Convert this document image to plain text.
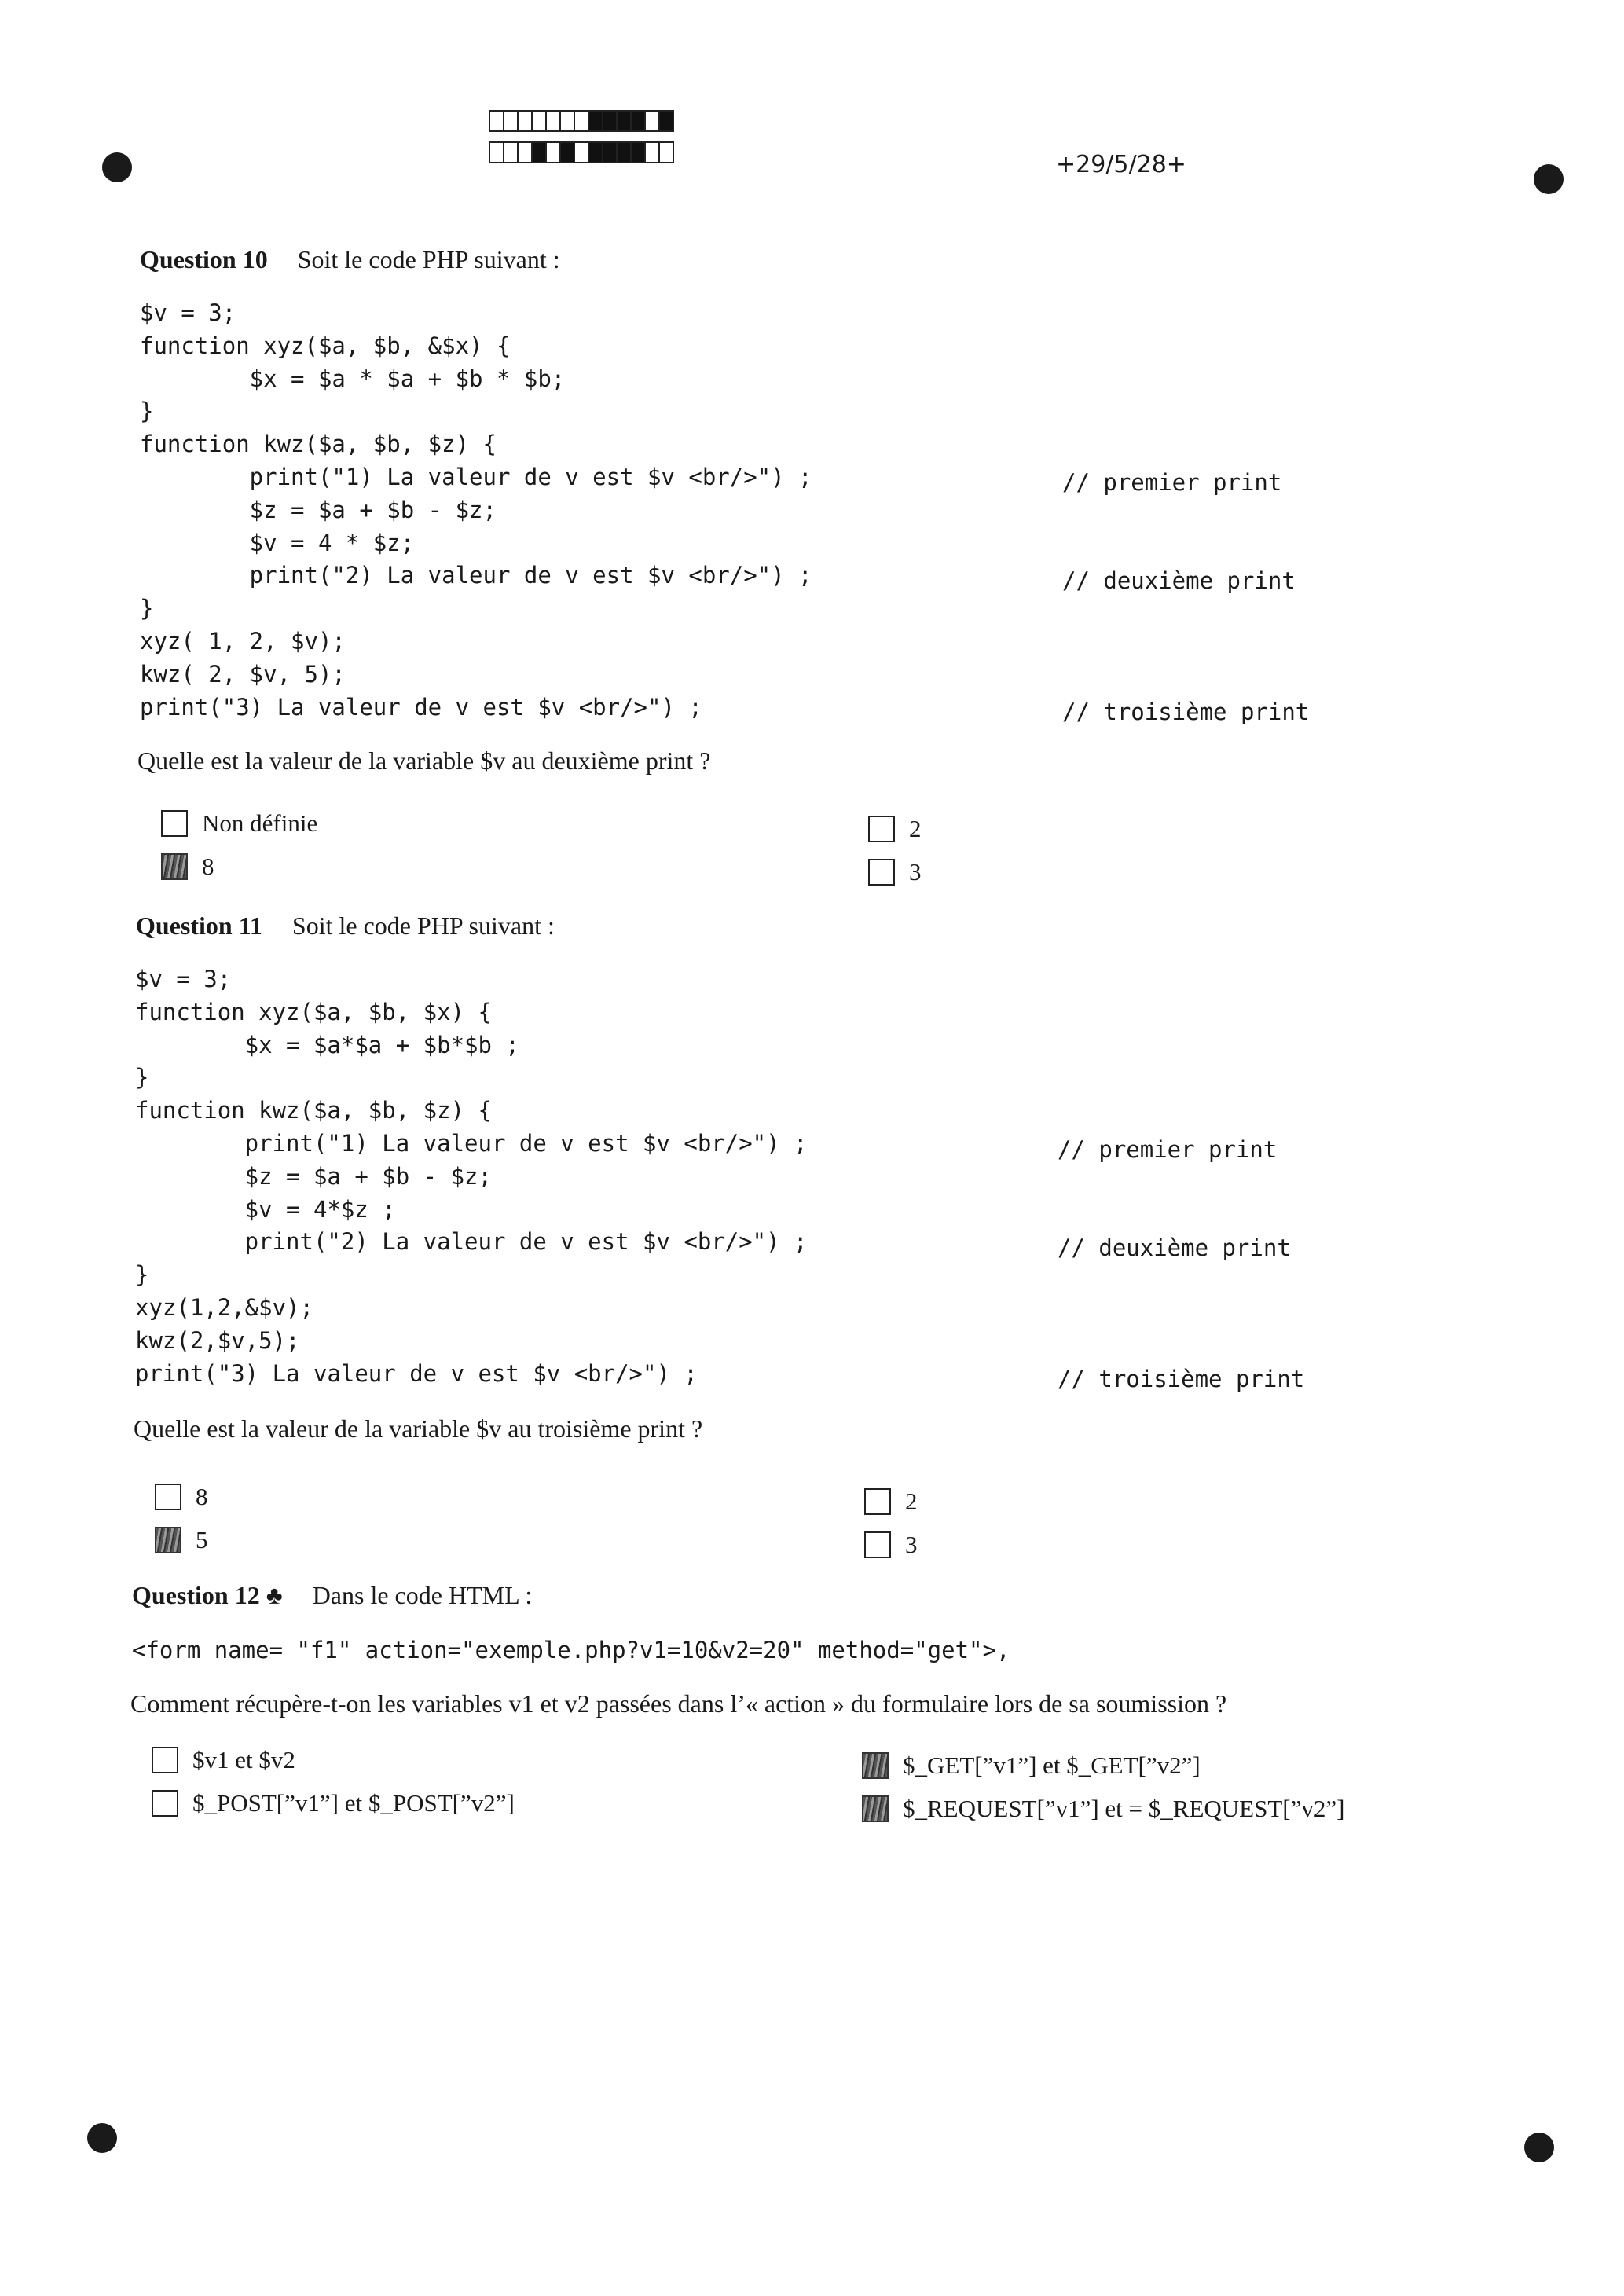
+29/5/28+
Question 10 Soit le code PHP suivant :
$v = 3;
function xyz($a, $b, &$x) {
$x = $a * $a + $b * $b;
}
function kwz($a, $b, $z) {
print("1) La valeur de v est $v <br/>") ;
$z = $a + $b - $z;
$v = 4 * $z;
print("2) La valeur de v est $v <br/>") ;
}
xyz( 1, 2, $v);
kwz( 2, $v, 5);
print("3) La valeur de v est $v <br/>") ;
// premier print
// deuxième print
// troisième print
Quelle est la valeur de la variable $v au deuxième print ?
Non définie
8
2
3
Question 11 Soit le code PHP suivant :
$v = 3;
function xyz($a, $b, $x) {
$x = $a*$a + $b*$b ;
}
function kwz($a, $b, $z) {
print("1) La valeur de v est $v <br/>") ;
$z = $a + $b - $z;
$v = 4*$z ;
print("2) La valeur de v est $v <br/>") ;
}
xyz(1,2,&$v);
kwz(2,$v,5);
print("3) La valeur de v est $v <br/>") ;
// premier print
// deuxième print
// troisième print
Quelle est la valeur de la variable $v au troisième print ?
8
5
2
3
Question 12 ♣ Dans le code HTML :
<form name= "f1" action="exemple.php?v1=10&v2=20" method="get">,
Comment récupère-t-on les variables v1 et v2 passées dans l’« action » du formulaire lors de sa soumission ?
$v1 et $v2
$_POST[”v1”] et $_POST[”v2”]
$_GET[”v1”] et $_GET[”v2”]
$_REQUEST[”v1”] et = $_REQUEST[”v2”]
